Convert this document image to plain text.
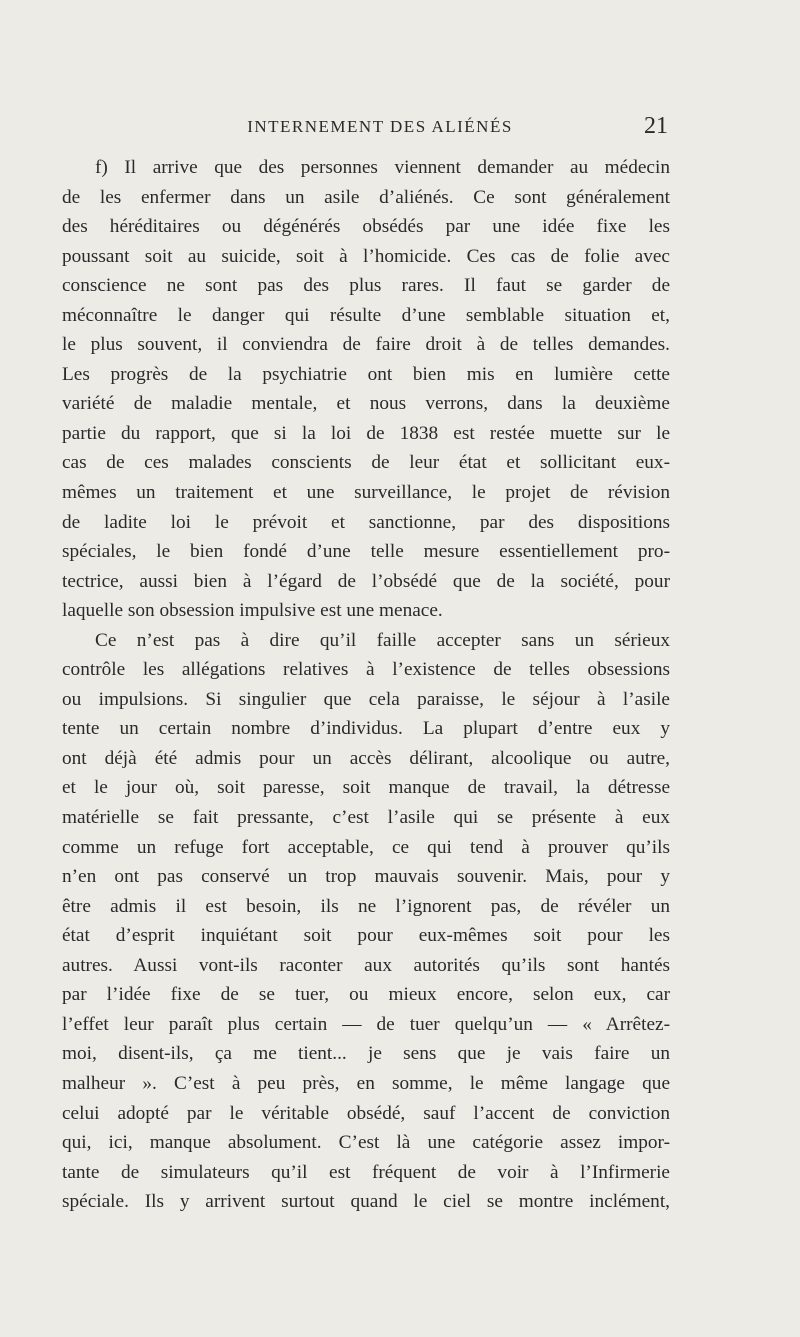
INTERNEMENT DES ALIÉNÉS	21
f) Il arrive que des personnes viennent demander au médecin
de les enfermer dans un asile d’aliénés. Ce sont généralement
des héréditaires ou dégénérés obsédés par une idée fixe les
poussant soit au suicide, soit à l’homicide. Ces cas de folie avec
conscience ne sont pas des plus rares. Il faut se garder de
méconnaître le danger qui résulte d’une semblable situation et,
le plus souvent, il conviendra de faire droit à de telles demandes.
Les progrès de la psychiatrie ont bien mis en lumière cette
variété de maladie mentale, et nous verrons, dans la deuxième
partie du rapport, que si la loi de 1838 est restée muette sur le
cas de ces malades conscients de leur état et sollicitant eux-
mêmes un traitement et une surveillance, le projet de révision
de ladite loi le prévoit et sanctionne, par des dispositions
spéciales, le bien fondé d’une telle mesure essentiellement pro-
tectrice, aussi bien à l’égard de l’obsédé que de la société, pour
laquelle son obsession impulsive est une menace.
Ce n’est pas à dire qu’il faille accepter sans un sérieux
contrôle les allégations relatives à l’existence de telles obsessions
ou impulsions. Si singulier que cela paraisse, le séjour à l’asile
tente un certain nombre d’individus. La plupart d’entre eux y
ont déjà été admis pour un accès délirant, alcoolique ou autre,
et le jour où, soit paresse, soit manque de travail, la détresse
matérielle se fait pressante, c’est l’asile qui se présente à eux
comme un refuge fort acceptable, ce qui tend à prouver qu’ils
n’en ont pas conservé un trop mauvais souvenir. Mais, pour y
être admis il est besoin, ils ne l’ignorent pas, de révéler un
état d’esprit inquiétant soit pour eux-mêmes soit pour les
autres. Aussi vont-ils raconter aux autorités qu’ils sont hantés
par l’idée fixe de se tuer, ou mieux encore, selon eux, car
l’effet leur paraît plus certain — de tuer quelqu’un — « Arrêtez-
moi, disent-ils, ça me tient... je sens que je vais faire un
malheur ». C’est à peu près, en somme, le même langage que
celui adopté par le véritable obsédé, sauf l’accent de conviction
qui, ici, manque absolument. C’est là une catégorie assez impor-
tante de simulateurs qu’il est fréquent de voir à l’Infirmerie
spéciale. Ils y arrivent surtout quand le ciel se montre inclément,
